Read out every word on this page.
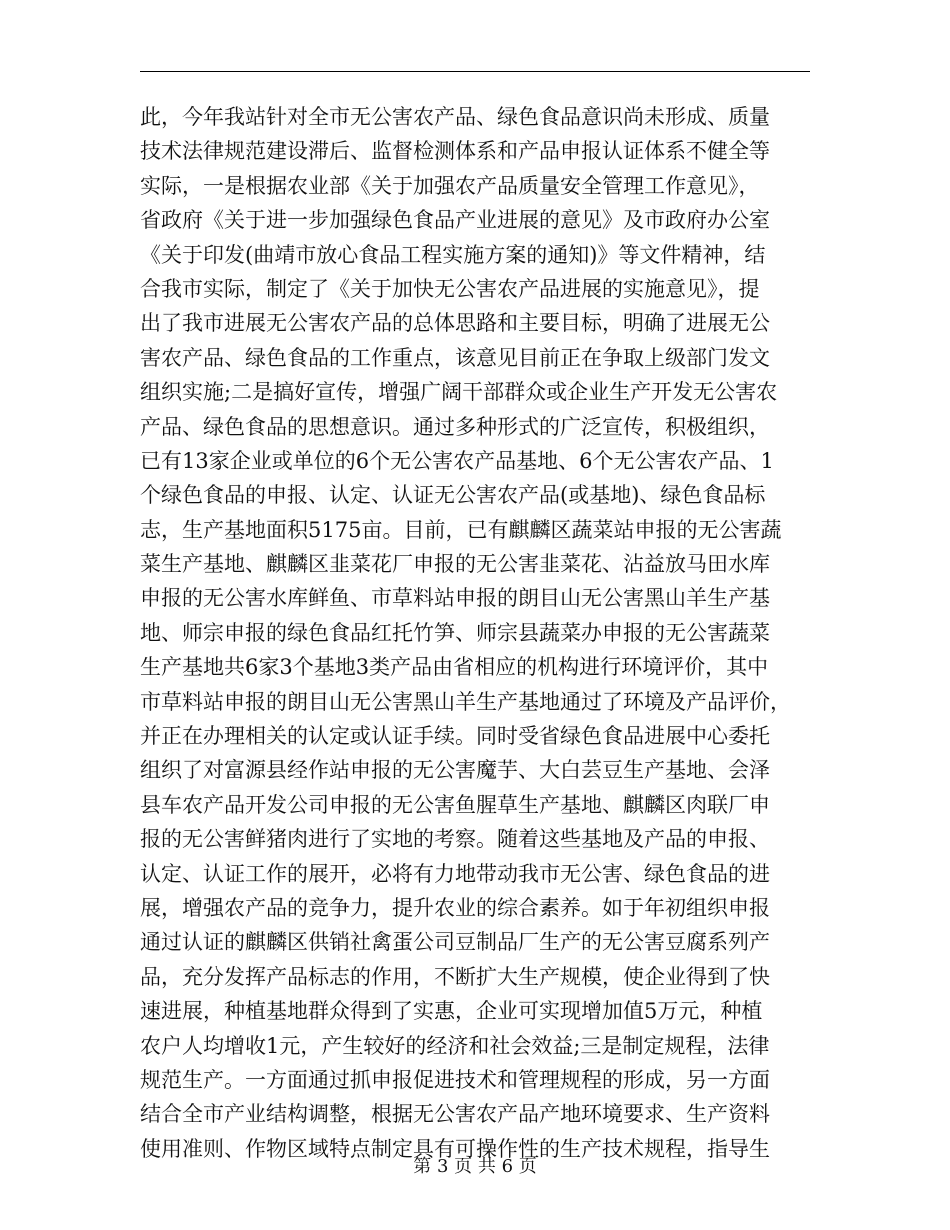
此，今年我站针对全市无公害农产品、绿色食品意识尚未形成、质量
技术法律规范建设滞后、监督检测体系和产品申报认证体系不健全等
实际，一是根据农业部《关于加强农产品质量安全管理工作意见》，
省政府《关于进一步加强绿色食品产业进展的意见》及市政府办公室
《关于印发(曲靖市放心食品工程实施方案的通知)》等文件精神，结
合我市实际，制定了《关于加快无公害农产品进展的实施意见》，提
出了我市进展无公害农产品的总体思路和主要目标，明确了进展无公
害农产品、绿色食品的工作重点，该意见目前正在争取上级部门发文
组织实施;二是搞好宣传，增强广阔干部群众或企业生产开发无公害农
产品、绿色食品的思想意识。通过多种形式的广泛宣传，积极组织，
已有13家企业或单位的6个无公害农产品基地、6个无公害农产品、1
个绿色食品的申报、认定、认证无公害农产品(或基地)、绿色食品标
志，生产基地面积5175亩。目前，已有麒麟区蔬菜站申报的无公害蔬
菜生产基地、麒麟区韭菜花厂申报的无公害韭菜花、沾益放马田水库
申报的无公害水库鲜鱼、市草料站申报的朗目山无公害黑山羊生产基
地、师宗申报的绿色食品红托竹笋、师宗县蔬菜办申报的无公害蔬菜
生产基地共6家3个基地3类产品由省相应的机构进行环境评价，其中
市草料站申报的朗目山无公害黑山羊生产基地通过了环境及产品评价，
并正在办理相关的认定或认证手续。同时受省绿色食品进展中心委托
组织了对富源县经作站申报的无公害魔芋、大白芸豆生产基地、会泽
县车农产品开发公司申报的无公害鱼腥草生产基地、麒麟区肉联厂申
报的无公害鲜猪肉进行了实地的考察。随着这些基地及产品的申报、
认定、认证工作的展开，必将有力地带动我市无公害、绿色食品的进
展，增强农产品的竞争力，提升农业的综合素养。如于年初组织申报
通过认证的麒麟区供销社禽蛋公司豆制品厂生产的无公害豆腐系列产
品，充分发挥产品标志的作用，不断扩大生产规模，使企业得到了快
速进展，种植基地群众得到了实惠，企业可实现增加值5万元，种植
农户人均增收1元，产生较好的经济和社会效益;三是制定规程，法律
规范生产。一方面通过抓申报促进技术和管理规程的形成，另一方面
结合全市产业结构调整，根据无公害农产品产地环境要求、生产资料
使用准则、作物区域特点制定具有可操作性的生产技术规程，指导生
第 3 页 共 6 页
